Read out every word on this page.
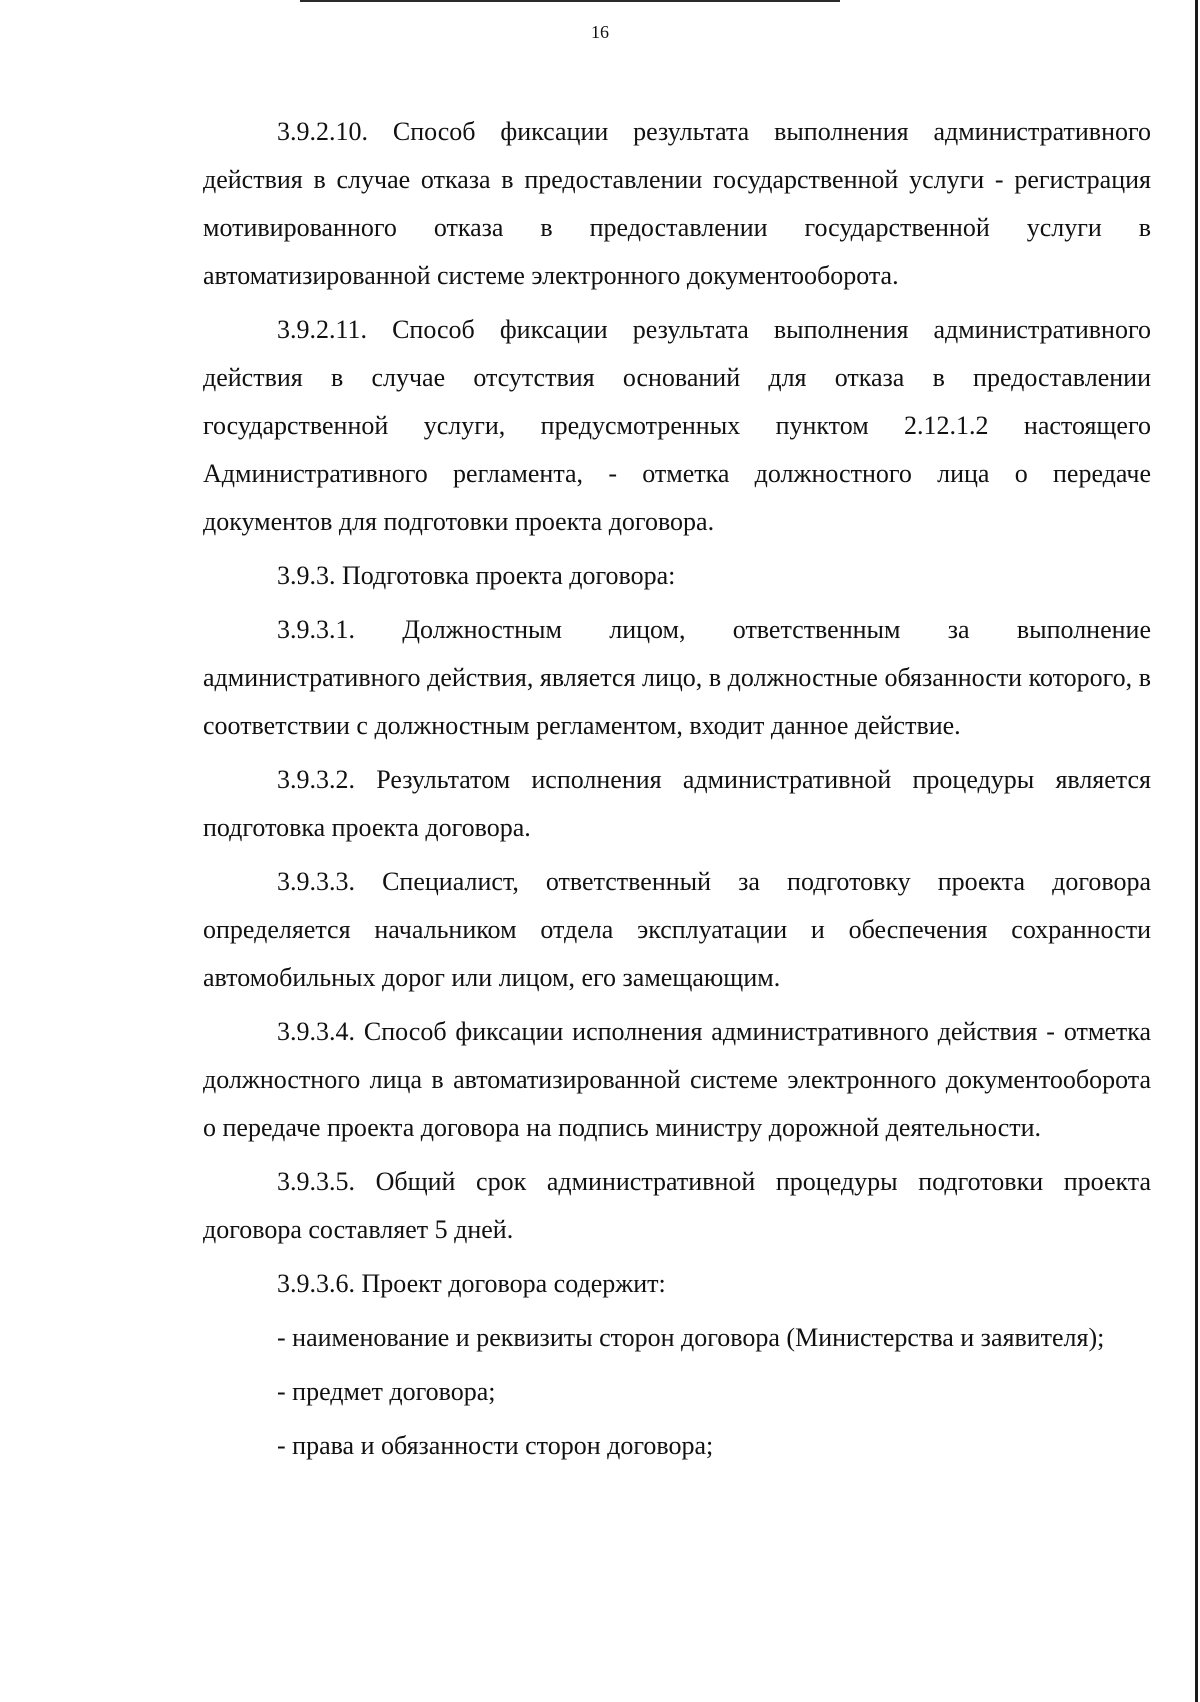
16

3.9.2.10. Способ фиксации результата выполнения административного действия в случае отказа в предоставлении государственной услуги - регистрация мотивированного отказа в предоставлении государственной услуги в автоматизированной системе электронного документооборота.

3.9.2.11. Способ фиксации результата выполнения административного действия в случае отсутствия оснований для отказа в предоставлении государственной услуги, предусмотренных пунктом 2.12.1.2 настоящего Административного регламента, - отметка должностного лица о передаче документов для подготовки проекта договора.

3.9.3. Подготовка проекта договора:

3.9.3.1. Должностным лицом, ответственным за выполнение административного действия, является лицо, в должностные обязанности которого, в соответствии с должностным регламентом, входит данное действие.

3.9.3.2. Результатом исполнения административной процедуры является подготовка проекта договора.

3.9.3.3. Специалист, ответственный за подготовку проекта договора определяется начальником отдела эксплуатации и обеспечения сохранности автомобильных дорог или лицом, его замещающим.

3.9.3.4. Способ фиксации исполнения административного действия - отметка должностного лица в автоматизированной системе электронного документооборота о передаче проекта договора на подпись министру дорожной деятельности.

3.9.3.5. Общий срок административной процедуры подготовки проекта договора составляет 5 дней.

3.9.3.6. Проект договора содержит:

- наименование и реквизиты сторон договора (Министерства и заявителя);

- предмет договора;

- права и обязанности сторон договора;
